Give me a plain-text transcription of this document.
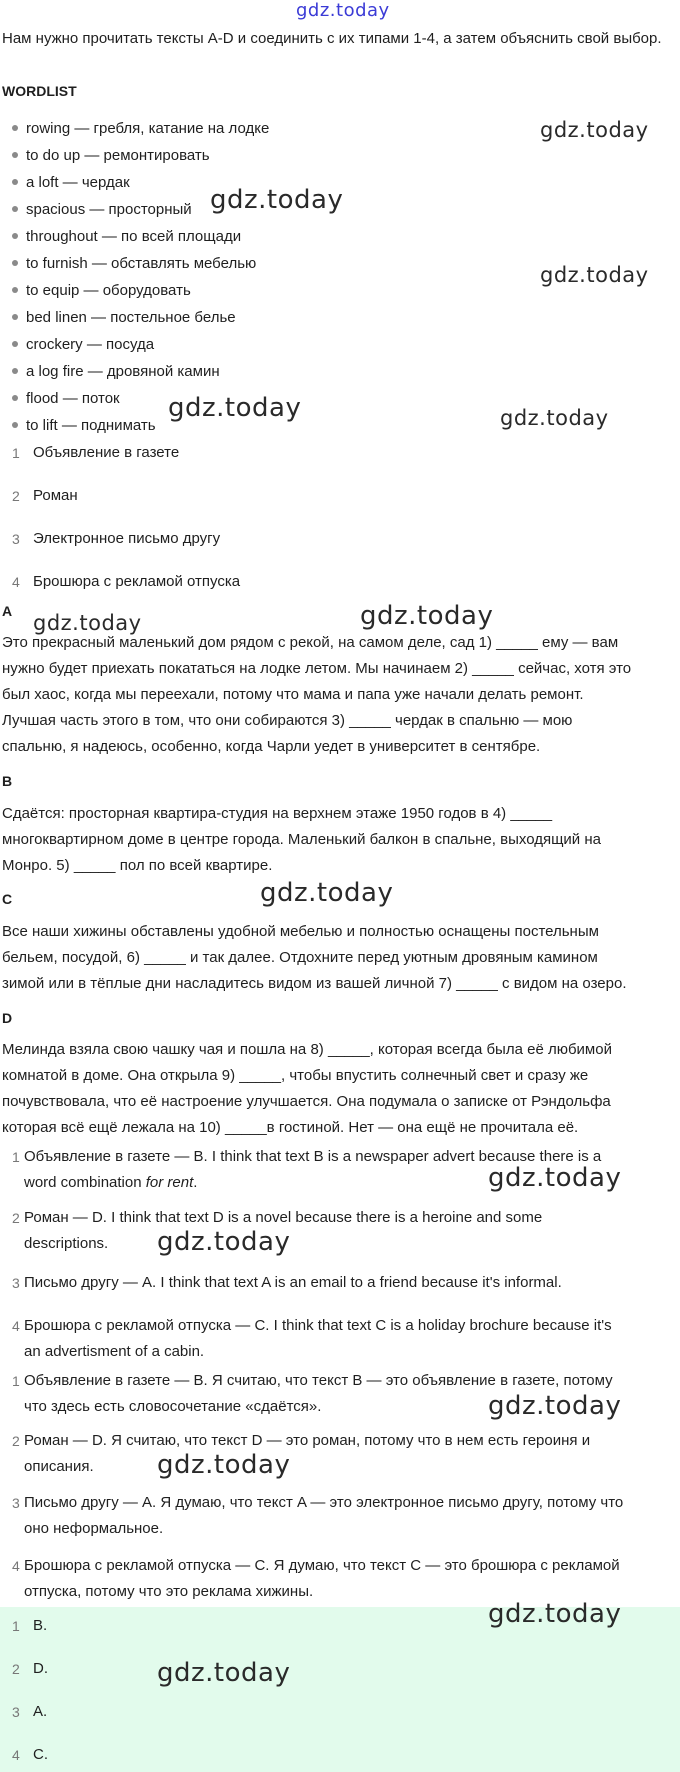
gdz.today
Нам нужно прочитать тексты A-D и соединить с их типами 1-4, а затем объяснить свой выбор.
WORDLIST
rowing — гребля, катание на лодке
to do up — ремонтировать
a loft — чердак
spacious — просторный
throughout — по всей площади
to furnish — обставлять мебелью
to equip — оборудовать
bed linen — постельное белье
crockery — посуда
a log fire — дровяной камин
flood — поток
to lift — поднимать
1 Объявление в газете
2 Роман
3 Электронное письмо другу
4 Брошюра с рекламой отпуска
A
Это прекрасный маленький дом рядом с рекой, на самом деле, сад 1) _____ ему — вам
нужно будет приехать покататься на лодке летом. Мы начинаем 2) _____ сейчас, хотя это
был хаос, когда мы переехали, потому что мама и папа уже начали делать ремонт.
Лучшая часть этого в том, что они собираются 3) _____ чердак в спальню — мою
спальню, я надеюсь, особенно, когда Чарли уедет в университет в сентябре.
B
Сдаётся: просторная квартира-студия на верхнем этаже 1950 годов в 4) _____
многоквартирном доме в центре города. Маленький балкон в спальне, выходящий на
Монро. 5) _____ пол по всей квартире.
C
Все наши хижины обставлены удобной мебелью и полностью оснащены постельным
бельем, посудой, 6) _____ и так далее. Отдохните перед уютным дровяным камином
зимой или в тёплые дни насладитесь видом из вашей личной 7) _____ с видом на озеро.
D
Мелинда взяла свою чашку чая и пошла на 8) _____, которая всегда была её любимой
комнатой в доме. Она открыла 9) _____, чтобы впустить солнечный свет и сразу же
почувствовала, что её настроение улучшается. Она подумала о записке от Рэндольфа
которая всё ещё лежала на 10) _____в гостиной. Нет — она ещё не прочитала её.
1 Объявление в газете — B. I think that text B is a newspaper advert because there is a
word combination for rent.
2 Роман — D. I think that text D is a novel because there is a heroine and some
descriptions.
3 Письмо другу — A. I think that text A is an email to a friend because it's informal.
4 Брошюра с рекламой отпуска — C. I think that text C is a holiday brochure because it's
an advertisment of a cabin.
1 Объявление в газете — B. Я считаю, что текст B — это объявление в газете, потому
что здесь есть словосочетание «сдаётся».
2 Роман — D. Я считаю, что текст D — это роман, потому что в нем есть героиня и
описания.
3 Письмо другу — A. Я думаю, что текст A — это электронное письмо другу, потому что
оно неформальное.
4 Брошюра с рекламой отпуска — C. Я думаю, что текст C — это брошюра с рекламой
отпуска, потому что это реклама хижины.
1 B.
2 D.
3 A.
4 C.
gdz.today
gdz.today
gdz.today
gdz.today	gdz.today
gdz.today	gdz.today
gdz.today
gdz.today
gdz.today
gdz.today
gdz.today
gdz.today
gdz.today
